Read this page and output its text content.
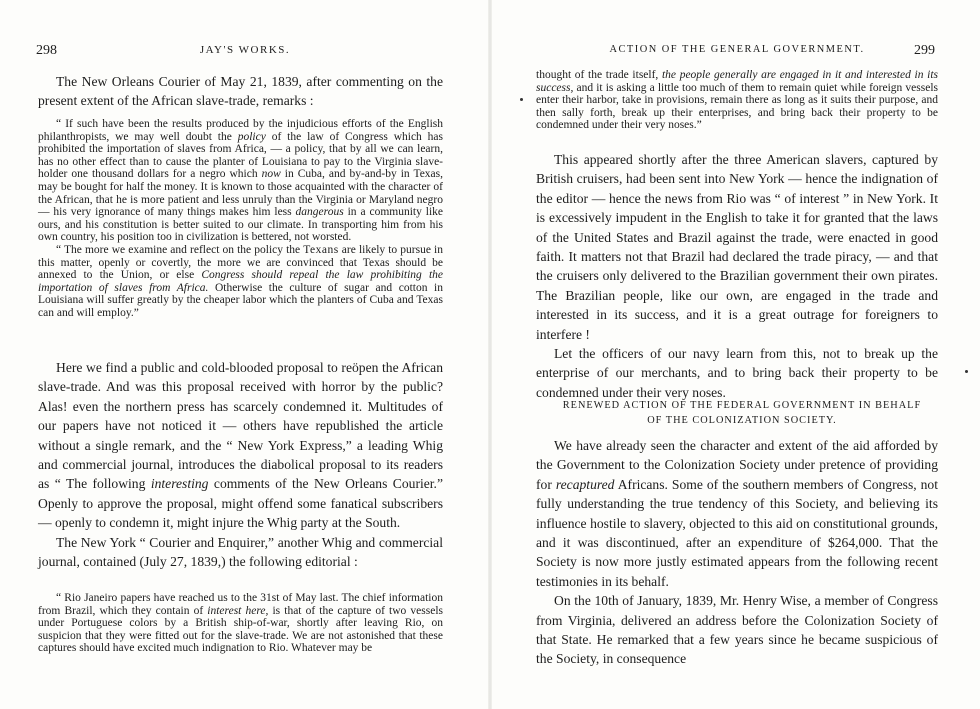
298	JAY'S WORKS.

The New Orleans Courier of May 21, 1839, after commenting on the present extent of the African slave-trade, remarks :

“ If such have been the results produced by the injudicious efforts of the English philanthropists, we may well doubt the policy of the law of Congress which has prohibited the importation of slaves from Africa, — a policy, that by all we can learn, has no other effect than to cause the planter of Louisiana to pay to the Virginia slave-holder one thousand dollars for a negro which now in Cuba, and by-and-by in Texas, may be bought for half the money. It is known to those acquainted with the character of the African, that he is more patient and less unruly than the Virginia or Maryland negro — his very ignorance of many things makes him less dangerous in a community like ours, and his constitution is better suited to our climate. In transporting him from his own country, his position too in civilization is bettered, not worsted.

“ The more we examine and reflect on the policy the Texans are likely to pursue in this matter, openly or covertly, the more we are convinced that Texas should be annexed to the Union, or else Congress should repeal the law prohibiting the importation of slaves from Africa. Otherwise the culture of sugar and cotton in Louisiana will suffer greatly by the cheaper labor which the planters of Cuba and Texas can and will employ.”

Here we find a public and cold-blooded proposal to reöpen the African slave-trade. And was this proposal received with horror by the public? Alas! even the northern press has scarcely condemned it. Multitudes of our papers have not noticed it — others have republished the article without a single remark, and the “ New York Express,” a leading Whig and commercial journal, introduces the diabolical proposal to its readers as “ The following interesting comments of the New Orleans Courier.” Openly to approve the proposal, might offend some fanatical subscribers — openly to condemn it, might injure the Whig party at the South.

The New York “ Courier and Enquirer,” another Whig and commercial journal, contained (July 27, 1839,) the following editorial :

“ Rio Janeiro papers have reached us to the 31st of May last. The chief information from Brazil, which they contain of interest here, is that of the capture of two vessels under Portuguese colors by a British ship-of-war, shortly after leaving Rio, on suspicion that they were fitted out for the slave-trade. We are not astonished that these captures should have excited much indignation to Rio. Whatever may be

299
ACTION OF THE GENERAL GOVERNMENT.

thought of the trade itself, the people generally are engaged in it and interested in its success, and it is asking a little too much of them to remain quiet while foreign vessels enter their harbor, take in provisions, remain there as long as it suits their purpose, and then sally forth, break up their enterprises, and bring back their property to be condemned under their very noses.”

This appeared shortly after the three American slavers, captured by British cruisers, had been sent into New York — hence the indignation of the editor — hence the news from Rio was “ of interest ” in New York. It is excessively impudent in the English to take it for granted that the laws of the United States and Brazil against the trade, were enacted in good faith. It matters not that Brazil had declared the trade piracy, — and that the cruisers only delivered to the Brazilian government their own pirates. The Brazilian people, like our own, are engaged in the trade and interested in its success, and it is a great outrage for foreigners to interfere !

Let the officers of our navy learn from this, not to break up the enterprise of our merchants, and to bring back their property to be condemned under their very noses.

RENEWED ACTION OF THE FEDERAL GOVERNMENT IN BEHALF
OF THE COLONIZATION SOCIETY.

We have already seen the character and extent of the aid afforded by the Government to the Colonization Society under pretence of providing for recaptured Africans. Some of the southern members of Congress, not fully understanding the true tendency of this Society, and believing its influence hostile to slavery, objected to this aid on constitutional grounds, and it was discontinued, after an expenditure of $264,000. That the Society is now more justly estimated appears from the following recent testimonies in its behalf.

On the 10th of January, 1839, Mr. Henry Wise, a member of Congress from Virginia, delivered an address before the Colonization Society of that State. He remarked that a few years since he became suspicious of the Society, in consequence
